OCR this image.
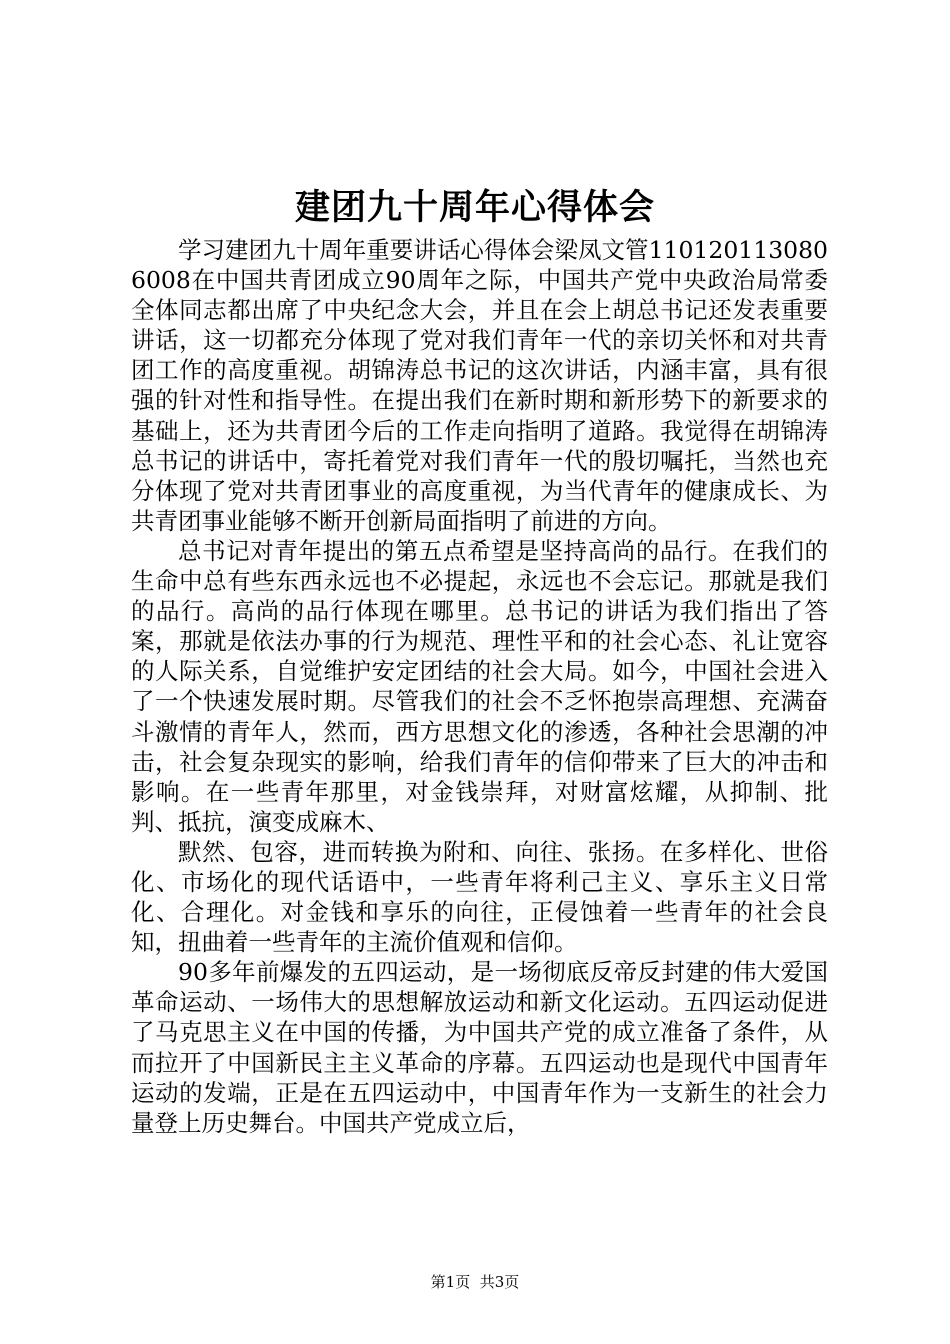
建团九十周年心得体会

学习建团九十周年重要讲话心得体会梁凤文管1101201130806008在中国共青团成立90周年之际，中国共产党中央政治局常委全体同志都出席了中央纪念大会，并且在会上胡总书记还发表重要讲话，这一切都充分体现了党对我们青年一代的亲切关怀和对共青团工作的高度重视。胡锦涛总书记的这次讲话，内涵丰富，具有很强的针对性和指导性。在提出我们在新时期和新形势下的新要求的基础上，还为共青团今后的工作走向指明了道路。我觉得在胡锦涛总书记的讲话中，寄托着党对我们青年一代的殷切嘱托，当然也充分体现了党对共青团事业的高度重视，为当代青年的健康成长、为共青团事业能够不断开创新局面指明了前进的方向。

总书记对青年提出的第五点希望是坚持高尚的品行。在我们的生命中总有些东西永远也不必提起，永远也不会忘记。那就是我们的品行。高尚的品行体现在哪里。总书记的讲话为我们指出了答案，那就是依法办事的行为规范、理性平和的社会心态、礼让宽容的人际关系，自觉维护安定团结的社会大局。如今，中国社会进入了一个快速发展时期。尽管我们的社会不乏怀抱崇高理想、充满奋斗激情的青年人，然而，西方思想文化的渗透，各种社会思潮的冲击，社会复杂现实的影响，给我们青年的信仰带来了巨大的冲击和影响。在一些青年那里，对金钱崇拜，对财富炫耀，从抑制、批判、抵抗，演变成麻木、

默然、包容，进而转换为附和、向往、张扬。在多样化、世俗化、市场化的现代话语中，一些青年将利己主义、享乐主义日常化、合理化。对金钱和享乐的向往，正侵蚀着一些青年的社会良知，扭曲着一些青年的主流价值观和信仰。

90多年前爆发的五四运动，是一场彻底反帝反封建的伟大爱国革命运动、一场伟大的思想解放运动和新文化运动。五四运动促进了马克思主义在中国的传播，为中国共产党的成立准备了条件，从而拉开了中国新民主主义革命的序幕。五四运动也是现代中国青年运动的发端，正是在五四运动中，中国青年作为一支新生的社会力量登上历史舞台。中国共产党成立后，

第1页 共3页
